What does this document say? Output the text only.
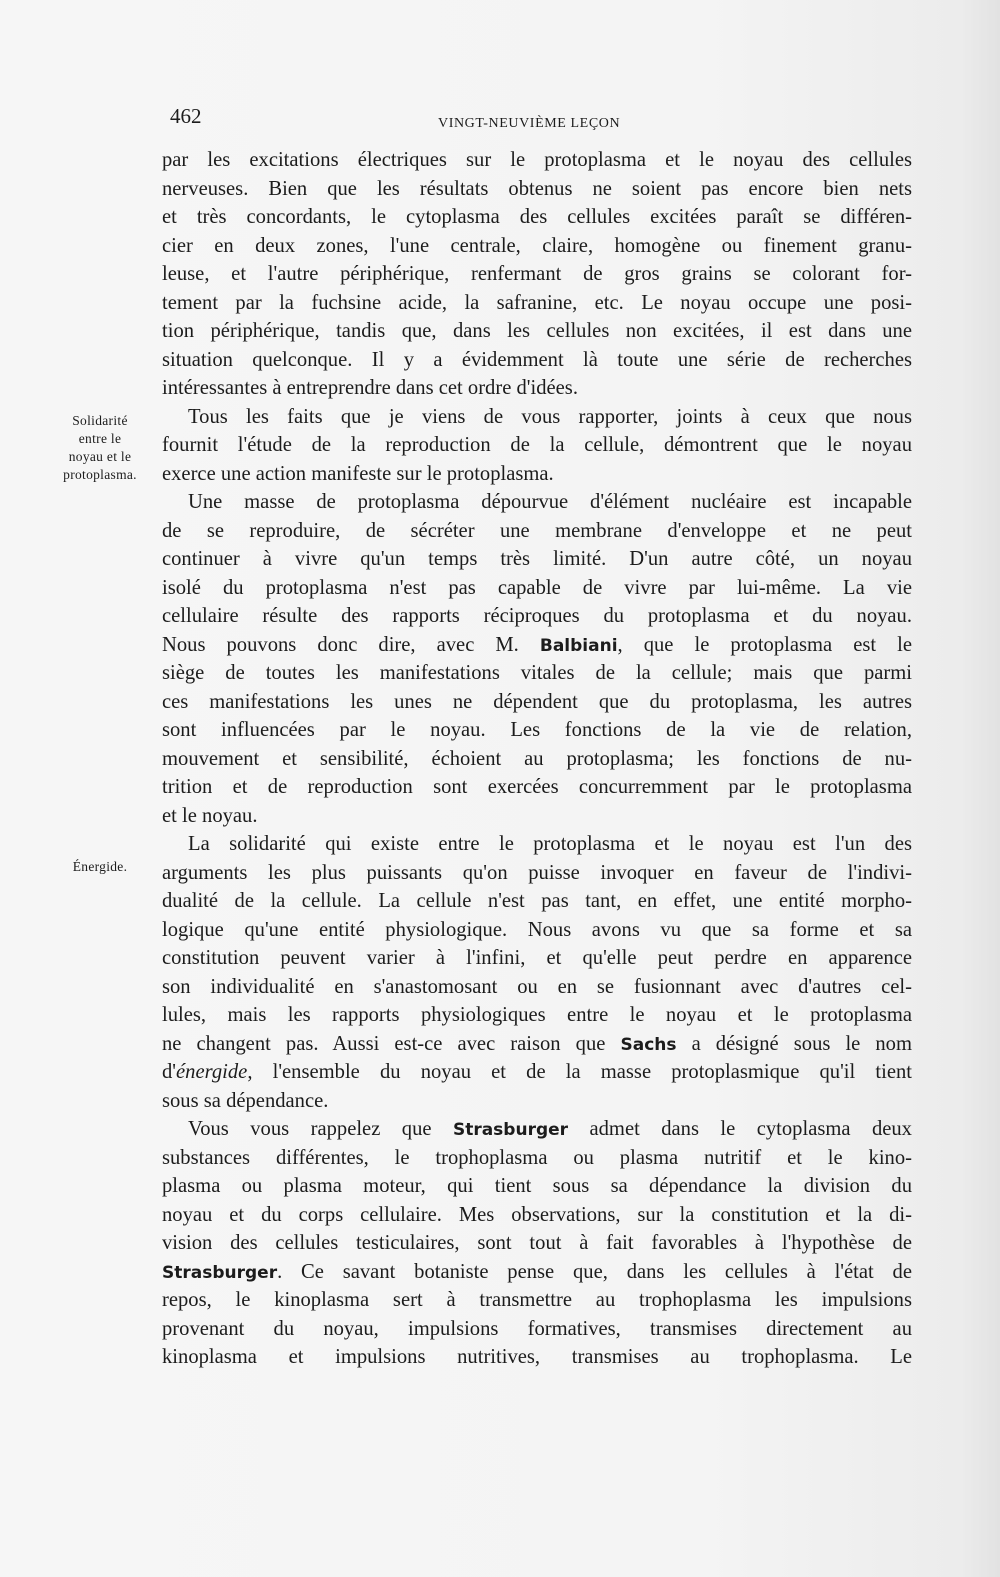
462	VINGT-NEUVIÈME LEÇON
Solidarité
entre le
noyau et le
protoplasma.
Énergide.
par les excitations électriques sur le protoplasma et le noyau des cellules
nerveuses. Bien que les résultats obtenus ne soient pas encore bien nets
et très concordants, le cytoplasma des cellules excitées paraît se différen-
cier en deux zones, l'une centrale, claire, homogène ou finement granu-
leuse, et l'autre périphérique, renfermant de gros grains se colorant for-
tement par la fuchsine acide, la safranine, etc. Le noyau occupe une posi-
tion périphérique, tandis que, dans les cellules non excitées, il est dans une
situation quelconque. Il y a évidemment là toute une série de recherches
intéressantes à entreprendre dans cet ordre d'idées.
Tous les faits que je viens de vous rapporter, joints à ceux que nous
fournit l'étude de la reproduction de la cellule, démontrent que le noyau
exerce une action manifeste sur le protoplasma.
Une masse de protoplasma dépourvue d'élément nucléaire est incapable
de se reproduire, de sécréter une membrane d'enveloppe et ne peut
continuer à vivre qu'un temps très limité. D'un autre côté, un noyau
isolé du protoplasma n'est pas capable de vivre par lui-même. La vie
cellulaire résulte des rapports réciproques du protoplasma et du noyau.
Nous pouvons donc dire, avec M. Balbiani, que le protoplasma est le
siège de toutes les manifestations vitales de la cellule; mais que parmi
ces manifestations les unes ne dépendent que du protoplasma, les autres
sont influencées par le noyau. Les fonctions de la vie de relation,
mouvement et sensibilité, échoient au protoplasma; les fonctions de nu-
trition et de reproduction sont exercées concurremment par le protoplasma
et le noyau.
La solidarité qui existe entre le protoplasma et le noyau est l'un des
arguments les plus puissants qu'on puisse invoquer en faveur de l'indivi-
dualité de la cellule. La cellule n'est pas tant, en effet, une entité morpho-
logique qu'une entité physiologique. Nous avons vu que sa forme et sa
constitution peuvent varier à l'infini, et qu'elle peut perdre en apparence
son individualité en s'anastomosant ou en se fusionnant avec d'autres cel-
lules, mais les rapports physiologiques entre le noyau et le protoplasma
ne changent pas. Aussi est-ce avec raison que Sachs a désigné sous le nom
d'énergide, l'ensemble du noyau et de la masse protoplasmique qu'il tient
sous sa dépendance.
Vous vous rappelez que Strasburger admet dans le cytoplasma deux
substances différentes, le trophoplasma ou plasma nutritif et le kino-
plasma ou plasma moteur, qui tient sous sa dépendance la division du
noyau et du corps cellulaire. Mes observations, sur la constitution et la di-
vision des cellules testiculaires, sont tout à fait favorables à l'hypothèse de
Strasburger. Ce savant botaniste pense que, dans les cellules à l'état de
repos, le kinoplasma sert à transmettre au trophoplasma les impulsions
provenant du noyau, impulsions formatives, transmises directement au
kinoplasma et impulsions nutritives, transmises au trophoplasma. Le
